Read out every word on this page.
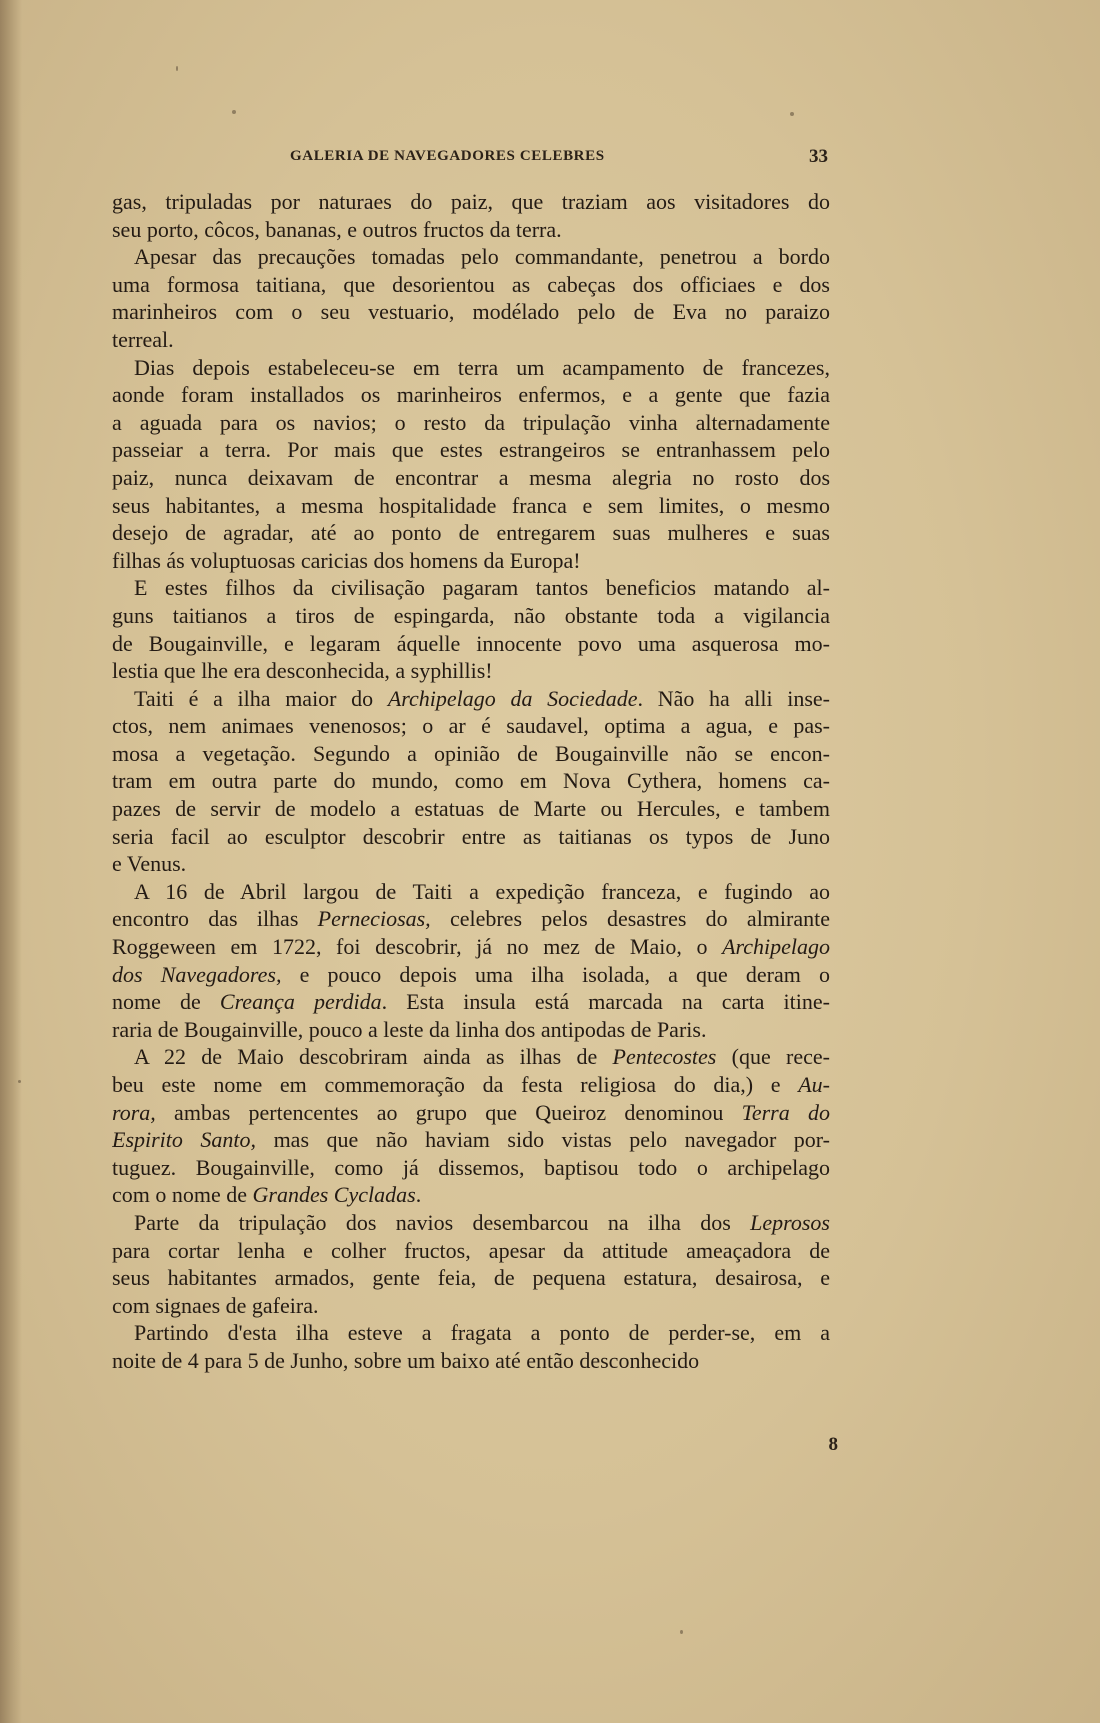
GALERIA DE NAVEGADORES CELEBRES	33
gas, tripuladas por naturaes do paiz, que traziam aos visitadores do
seu porto, côcos, bananas, e outros fructos da terra.
Apesar das precauções tomadas pelo commandante, penetrou a bordo
uma formosa taitiana, que desorientou as cabeças dos officiaes e dos
marinheiros com o seu vestuario, modélado pelo de Eva no paraizo
terreal.
Dias depois estabeleceu-se em terra um acampamento de francezes,
aonde foram installados os marinheiros enfermos, e a gente que fazia
a aguada para os navios; o resto da tripulação vinha alternadamente
passeiar a terra. Por mais que estes estrangeiros se entranhassem pelo
paiz, nunca deixavam de encontrar a mesma alegria no rosto dos
seus habitantes, a mesma hospitalidade franca e sem limites, o mesmo
desejo de agradar, até ao ponto de entregarem suas mulheres e suas
filhas ás voluptuosas caricias dos homens da Europa!
E estes filhos da civilisação pagaram tantos beneficios matando al-
guns taitianos a tiros de espingarda, não obstante toda a vigilancia
de Bougainville, e legaram áquelle innocente povo uma asquerosa mo-
lestia que lhe era desconhecida, a syphillis!
Taiti é a ilha maior do Archipelago da Sociedade. Não ha alli inse-
ctos, nem animaes venenosos; o ar é saudavel, optima a agua, e pas-
mosa a vegetação. Segundo a opinião de Bougainville não se encon-
tram em outra parte do mundo, como em Nova Cythera, homens ca-
pazes de servir de modelo a estatuas de Marte ou Hercules, e tambem
seria facil ao esculptor descobrir entre as taitianas os typos de Juno
e Venus.
A 16 de Abril largou de Taiti a expedição franceza, e fugindo ao
encontro das ilhas Perneciosas, celebres pelos desastres do almirante
Roggeween em 1722, foi descobrir, já no mez de Maio, o Archipelago
dos Navegadores, e pouco depois uma ilha isolada, a que deram o
nome de Creança perdida. Esta insula está marcada na carta itine-
raria de Bougainville, pouco a leste da linha dos antipodas de Paris.
A 22 de Maio descobriram ainda as ilhas de Pentecostes (que rece-
beu este nome em commemoração da festa religiosa do dia,) e Au-
rora, ambas pertencentes ao grupo que Queiroz denominou Terra do
Espirito Santo, mas que não haviam sido vistas pelo navegador por-
tuguez. Bougainville, como já dissemos, baptisou todo o archipelago
com o nome de Grandes Cycladas.
Parte da tripulação dos navios desembarcou na ilha dos Leprosos
para cortar lenha e colher fructos, apesar da attitude ameaçadora de
seus habitantes armados, gente feia, de pequena estatura, desairosa, e
com signaes de gafeira.
Partindo d'esta ilha esteve a fragata a ponto de perder-se, em a
noite de 4 para 5 de Junho, sobre um baixo até então desconhecido
8
